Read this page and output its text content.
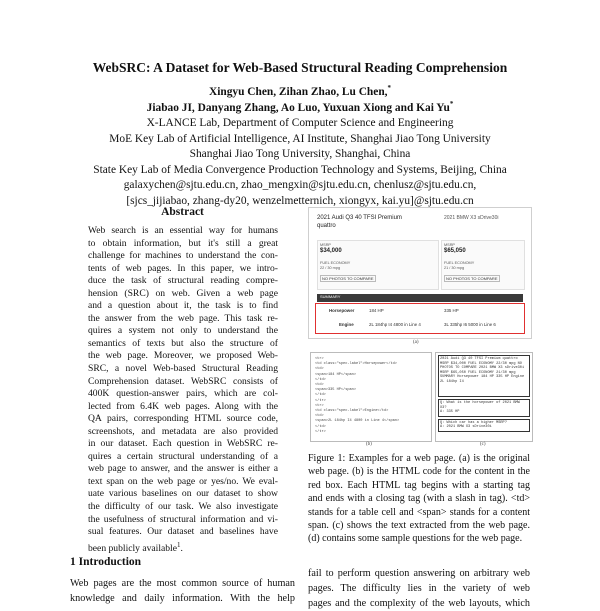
WebSRC: A Dataset for Web-Based Structural Reading Comprehension
Xingyu Chen, Zihan Zhao, Lu Chen,*
Jiabao JI, Danyang Zhang, Ao Luo, Yuxuan Xiong and Kai Yu*
X-LANCE Lab, Department of Computer Science and Engineering
MoE Key Lab of Artificial Intelligence, AI Institute, Shanghai Jiao Tong University
Shanghai Jiao Tong University, Shanghai, China
State Key Lab of Media Convergence Production Technology and Systems, Beijing, China
galaxychen@sjtu.edu.cn, zhao_mengxin@sjtu.edu.cn, chenlusz@sjtu.edu.cn,
[sjcs_jijiabao, zhang-dy20, wenzelmetternich, xiongyx, kai.yu]@sjtu.edu.cn
Abstract
Web search is an essential way for humans
to obtain information, but it's still a great
challenge for machines to understand the con-
tents of web pages. In this paper, we intro-
duce the task of structural reading compre-
hension (SRC) on web. Given a web page
and a question about it, the task is to find
the answer from the web page. This task re-
quires a system not only to understand the
semantics of texts but also the structure of
the web page. Moreover, we proposed Web-
SRC, a novel Web-based Structural Reading
Comprehension dataset. WebSRC consists of
400K question-answer pairs, which are col-
lected from 6.4K web pages. Along with the
QA pairs, corresponding HTML source code,
screenshots, and metadata are also provided
in our dataset. Each question in WebSRC re-
quires a certain structural understanding of a
web page to answer, and the answer is either a
text span on the web page or yes/no. We eval-
uate various baselines on our dataset to show
the difficulty of our task. We also investigate
the usefulness of structural information and vi-
sual features. Our dataset and baselines have
been publicly available$^1$.
1 Introduction
Web pages are the most common source of human
knowledge and daily information. With the help
fail to perform question answering on arbitrary web
pages. The difficulty lies in the variety of web
pages and the complexity of the web layouts, which
2021 Audi Q3 40 TFSI Premium
quattro
2021 BMW X3 sDrive30i
MSRP
$34,000
MSRP
$65,050
FUEL ECONOMY
22 / 30 mpg
FUEL ECONOMY
21 / 30 mpg
NO PHOTOS TO COMPARE	NO PHOTOS TO COMPARE
SUMMARY
Horsepower	184 HP	335 HP
Engine	2L 184hp I4 4800 in Line 4	3L 335hp I6 5000 in Line 6
(a)
<tr>
<td class="spec-label">Horsepower</td>
<td>
<span>184 HP</span>
</td>
<td>
<span>335 HP</span>
</td>
</tr>
<tr>
<td class="spec-label">Engine</td>
<td>
<span>2L 184hp I4 4800 in Line 4</span>
</td>
</tr>
(b)
2021 Audi Q3 40 TFSI Premium quattro MSRP $34,000 FUEL ECONOMY 22/30 mpg NO PHOTOS TO COMPARE 2021 BMW X3 sDrive30i MSRP $65,050 FUEL ECONOMY 21/30 mpg SUMMARY Horsepower 184 HP 335 HP Engine 2L 184hp I4
Q: What is the horsepower of 2021 BMW X3?
A: 335 HP
Q: Which car has a higher MSRP?
A: 2021 BMW X3 sDrive30i
(c)
Figure 1: Examples for a web page. (a) is the original
web page. (b) is the HTML code for the content in the
red box. Each HTML tag begins with a starting tag
and ends with a closing tag (with a slash in tag). <td>
stands for a table cell and <span> stands for a content
span. (c) shows the text extracted from the web page.
(d) contains some sample questions for the web page.
